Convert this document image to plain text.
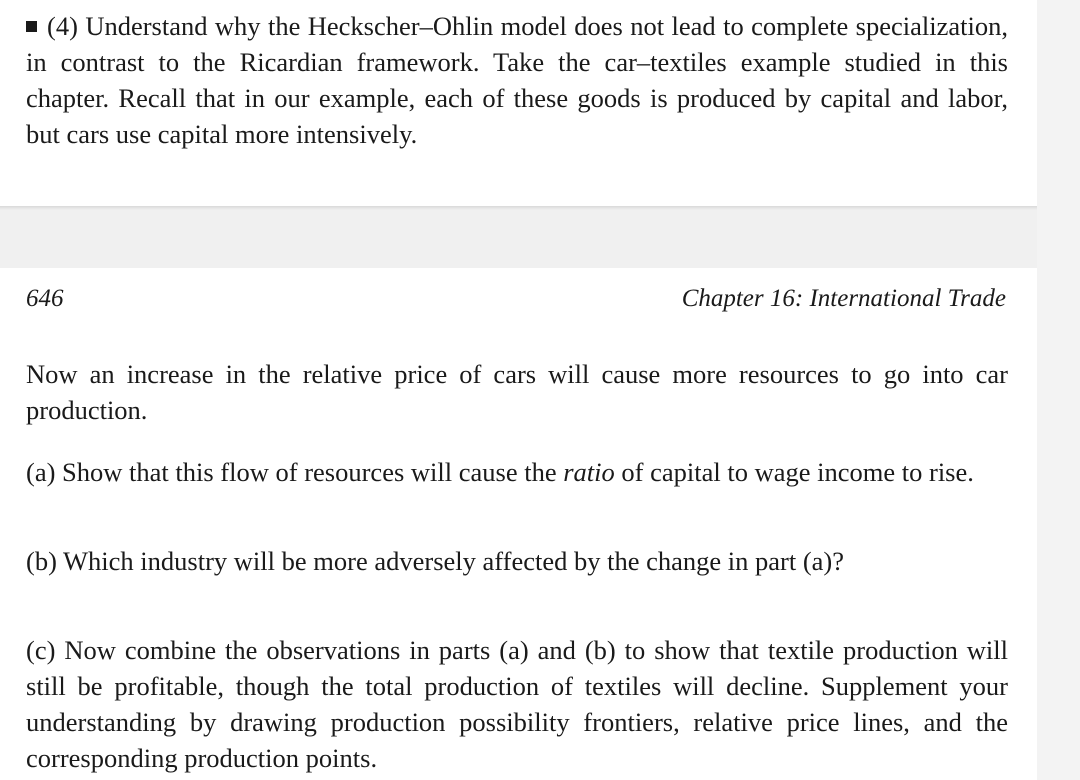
(4) Understand why the Heckscher–Ohlin model does not lead to complete specialization, in contrast to the Ricardian framework. Take the car–textiles example studied in this chapter. Recall that in our example, each of these goods is produced by capital and labor, but cars use capital more intensively.

646	Chapter 16: International Trade

Now an increase in the relative price of cars will cause more resources to go into car production.

(a) Show that this flow of resources will cause the ratio of capital to wage income to rise.

(b) Which industry will be more adversely affected by the change in part (a)?

(c) Now combine the observations in parts (a) and (b) to show that textile production will still be profitable, though the total production of textiles will decline. Supplement your understanding by drawing production possibility frontiers, relative price lines, and the corresponding production points.
